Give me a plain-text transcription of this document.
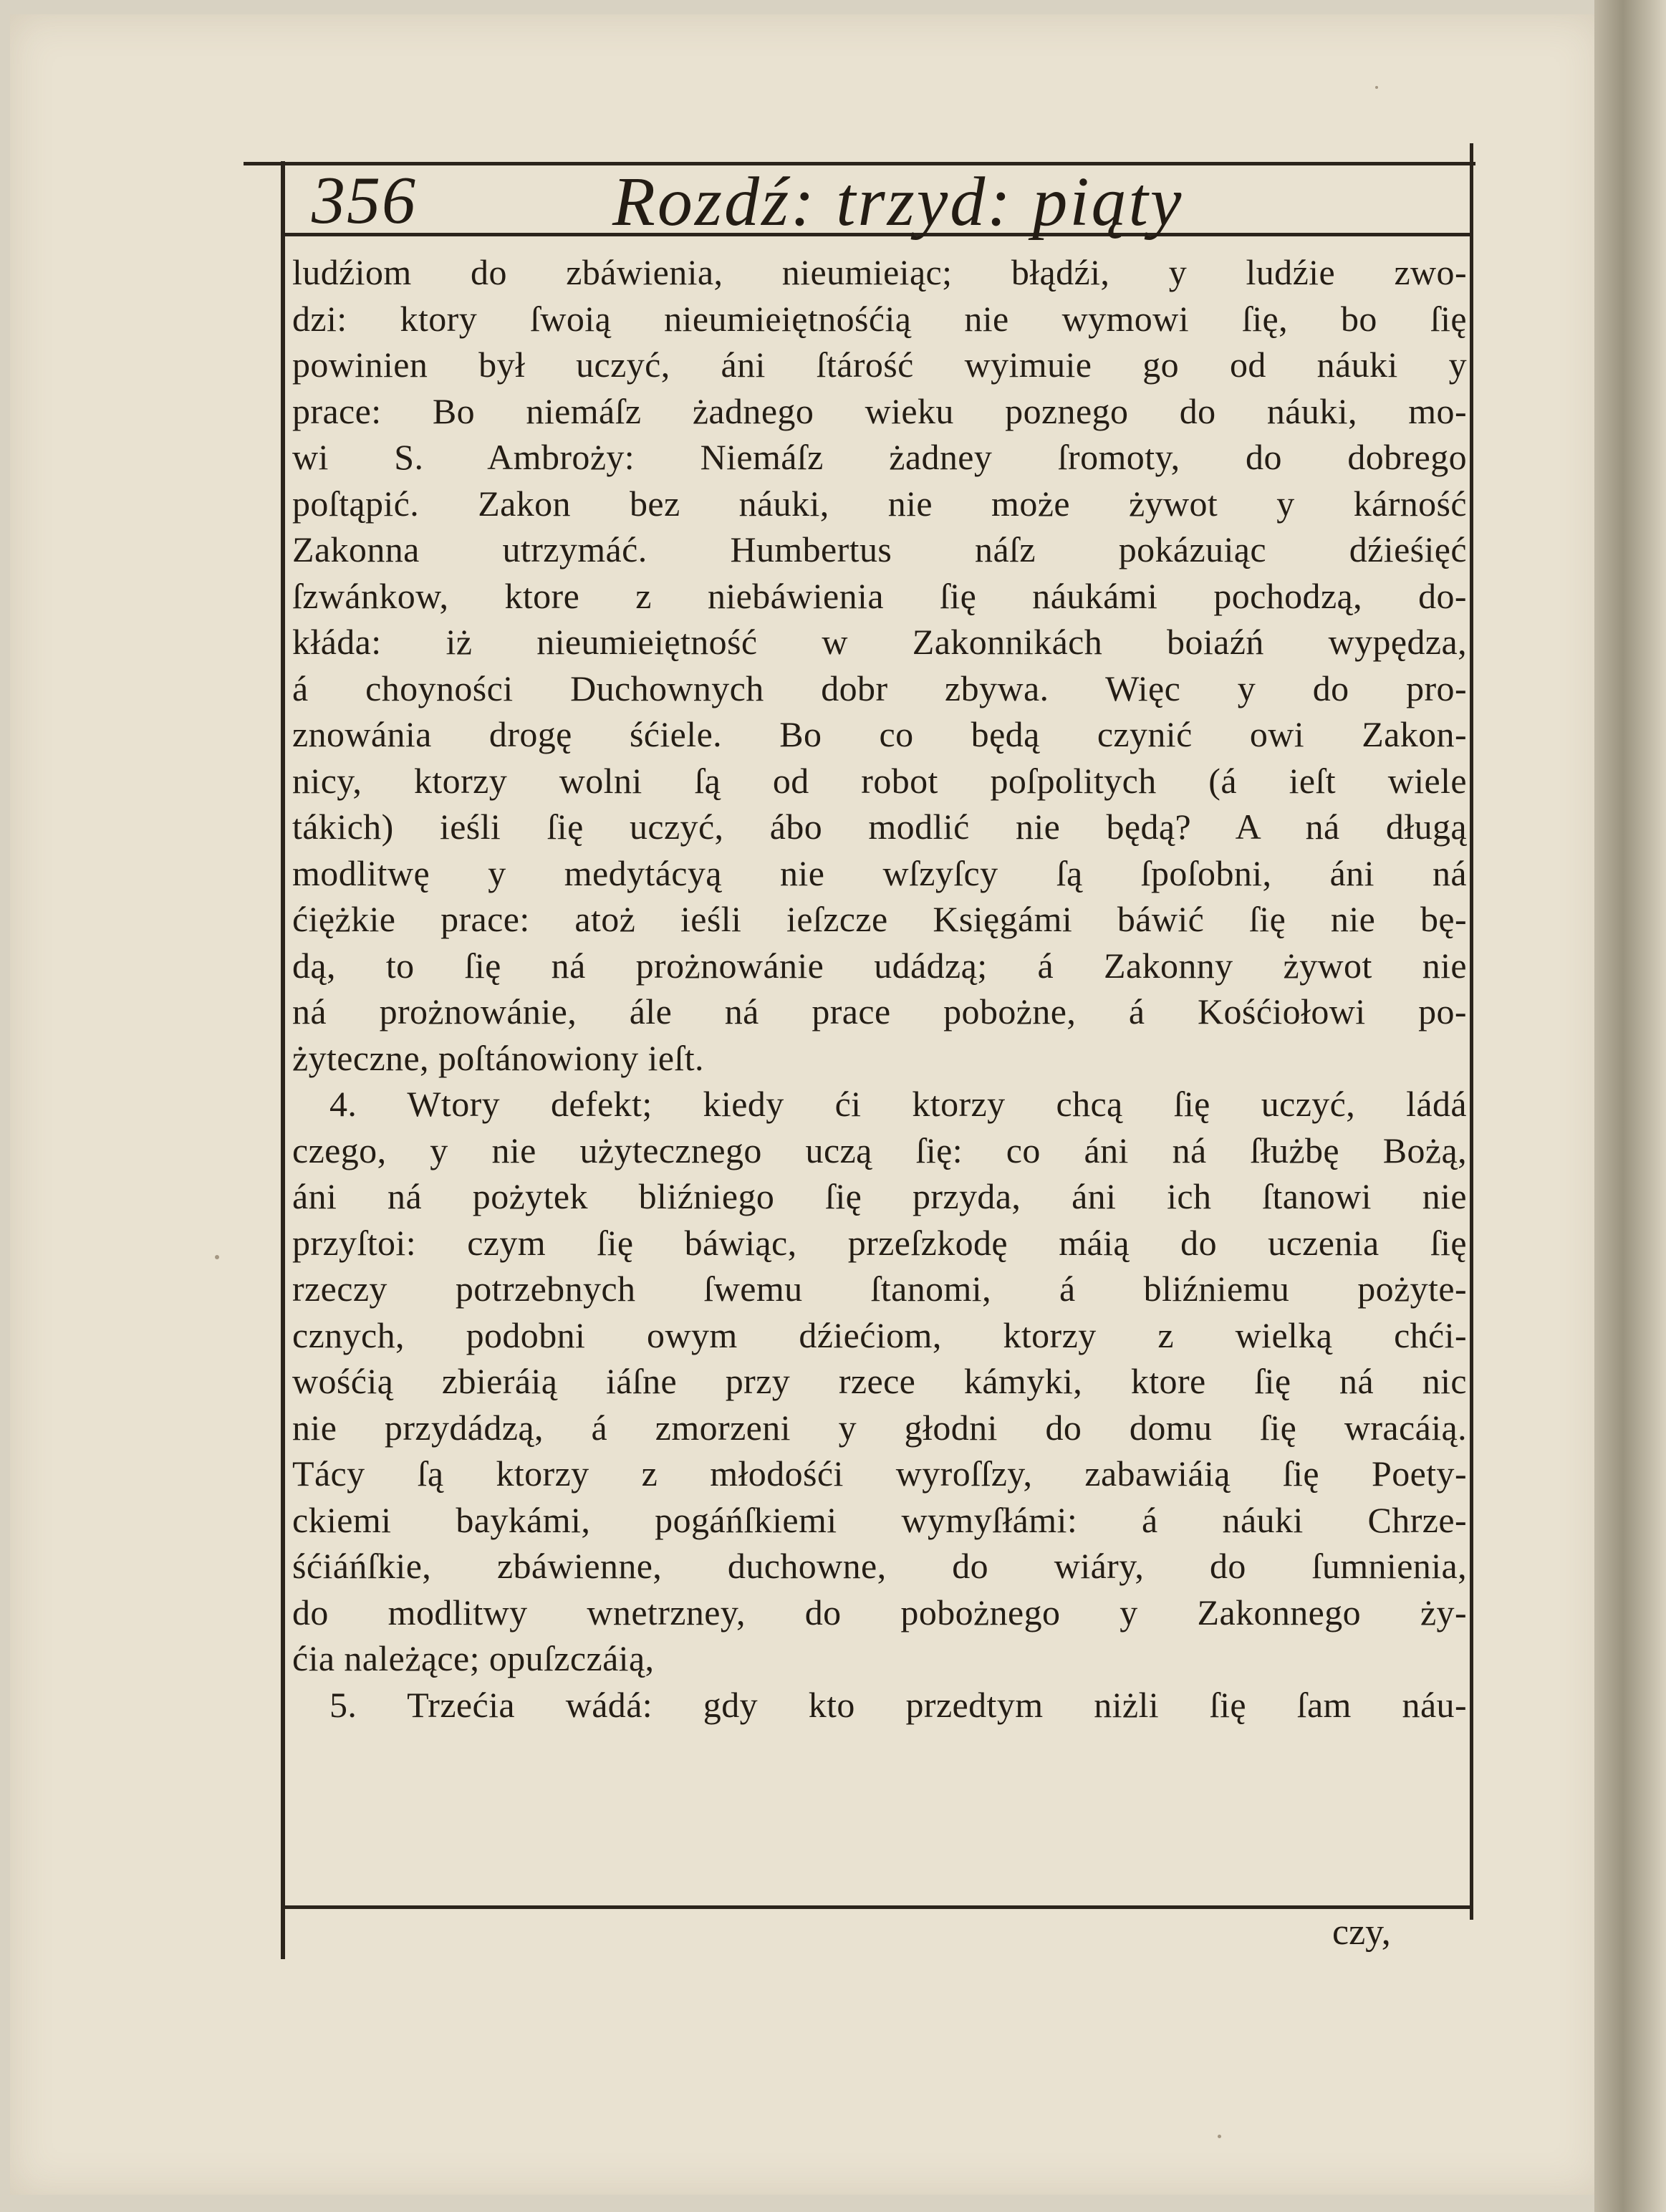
356	Rozdź: trzyd: piąty
ludźiom do zbáwienia, nieumieiąc; błądźi, y ludźie zwo-
dzi: ktory ſwoią nieumieiętnośćią nie wymowi ſię, bo ſię
powinien był uczyć, áni ſtárość wyimuie go od náuki y
prace: Bo niemáſz żadnego wieku poznego do náuki, mo-
wi S. Ambroży: Niemáſz żadney ſromoty, do dobrego
poſtąpić. Zakon bez náuki, nie może żywot y kárność
Zakonna utrzymáć. Humbertus náſz pokázuiąc dźieśięć
ſzwánkow, ktore z niebáwienia ſię náukámi pochodzą, do-
kłáda: iż nieumieiętność w Zakonnikách boiaźń wypędza,
á choyności Duchownych dobr zbywa. Więc y do pro-
znowánia drogę śćiele. Bo co będą czynić owi Zakon-
nicy, ktorzy wolni ſą od robot poſpolitych (á ieſt wiele
tákich) ieśli ſię uczyć, ábo modlić nie będą? A ná długą
modlitwę y medytácyą nie wſzyſcy ſą ſpoſobni, áni ná
ćiężkie prace: atoż ieśli ieſzcze Księgámi báwić ſię nie bę-
dą, to ſię ná prożnowánie udádzą; á Zakonny żywot nie
ná prożnowánie, ále ná prace pobożne, á Kośćiołowi po-
żyteczne, poſtánowiony ieſt.
4. Wtory defekt; kiedy ći ktorzy chcą ſię uczyć, ládá
czego, y nie użytecznego uczą ſię: co áni ná ſłużbę Bożą,
áni ná pożytek bliźniego ſię przyda, áni ich ſtanowi nie
przyſtoi: czym ſię báwiąc, przeſzkodę máią do uczenia ſię
rzeczy potrzebnych ſwemu ſtanomi, á bliźniemu pożyte-
cznych, podobni owym dźiećiom, ktorzy z wielką chći-
wośćią zbieráią iáſne przy rzece kámyki, ktore ſię ná nic
nie przydádzą, á zmorzeni y głodni do domu ſię wracáią.
Tácy ſą ktorzy z młodośći wyroſſzy, zabawiáią ſię Poety-
ckiemi baykámi, pogáńſkiemi wymyſłámi: á náuki Chrze-
śćiáńſkie, zbáwienne, duchowne, do wiáry, do ſumnienia,
do modlitwy wnetrzney, do pobożnego y Zakonnego ży-
ćia należące; opuſzczáią,
5. Trzećia wádá: gdy kto przedtym niżli ſię ſam náu-
czy,
